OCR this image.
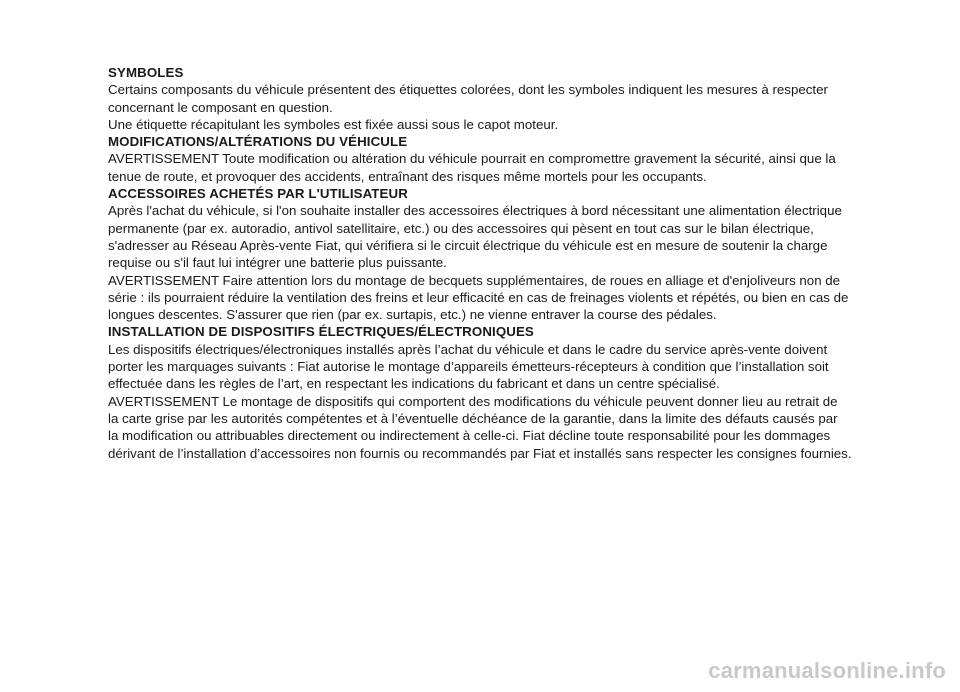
SYMBOLES

Certains composants du véhicule présentent des étiquettes colorées, dont les symboles indiquent les mesures à respecter

concernant le composant en question.

Une étiquette récapitulant les symboles est fixée aussi sous le capot moteur.

MODIFICATIONS/ALTÉRATIONS DU VÉHICULE

AVERTISSEMENT Toute modification ou altération du véhicule pourrait en compromettre gravement la sécurité, ainsi que la

tenue de route, et provoquer des accidents, entraînant des risques même mortels pour les occupants.

ACCESSOIRES ACHETÉS PAR L'UTILISATEUR

Après l'achat du véhicule, si l'on souhaite installer des accessoires électriques à bord nécessitant une alimentation électrique

permanente (par ex. autoradio, antivol satellitaire, etc.) ou des accessoires qui pèsent en tout cas sur le bilan électrique,

s'adresser au Réseau Après-vente Fiat, qui vérifiera si le circuit électrique du véhicule est en mesure de soutenir la charge

requise ou s'il faut lui intégrer une batterie plus puissante.

AVERTISSEMENT Faire attention lors du montage de becquets supplémentaires, de roues en alliage et d'enjoliveurs non de

série : ils pourraient réduire la ventilation des freins et leur efficacité en cas de freinages violents et répétés, ou bien en cas de

longues descentes. S'assurer que rien (par ex. surtapis, etc.) ne vienne entraver la course des pédales.

INSTALLATION DE DISPOSITIFS ÉLECTRIQUES/ÉLECTRONIQUES

Les dispositifs électriques/électroniques installés après l’achat du véhicule et dans le cadre du service après-vente doivent

porter les marquages suivants : Fiat autorise le montage d’appareils émetteurs-récepteurs à condition que l’installation soit

effectuée dans les règles de l’art, en respectant les indications du fabricant et dans un centre spécialisé.

AVERTISSEMENT Le montage de dispositifs qui comportent des modifications du véhicule peuvent donner lieu au retrait de

la carte grise par les autorités compétentes et à l’éventuelle déchéance de la garantie, dans la limite des défauts causés par

la modification ou attribuables directement ou indirectement à celle-ci. Fiat décline toute responsabilité pour les dommages

dérivant de l’installation d’accessoires non fournis ou recommandés par Fiat et installés sans respecter les consignes fournies.

carmanualsonline.info
